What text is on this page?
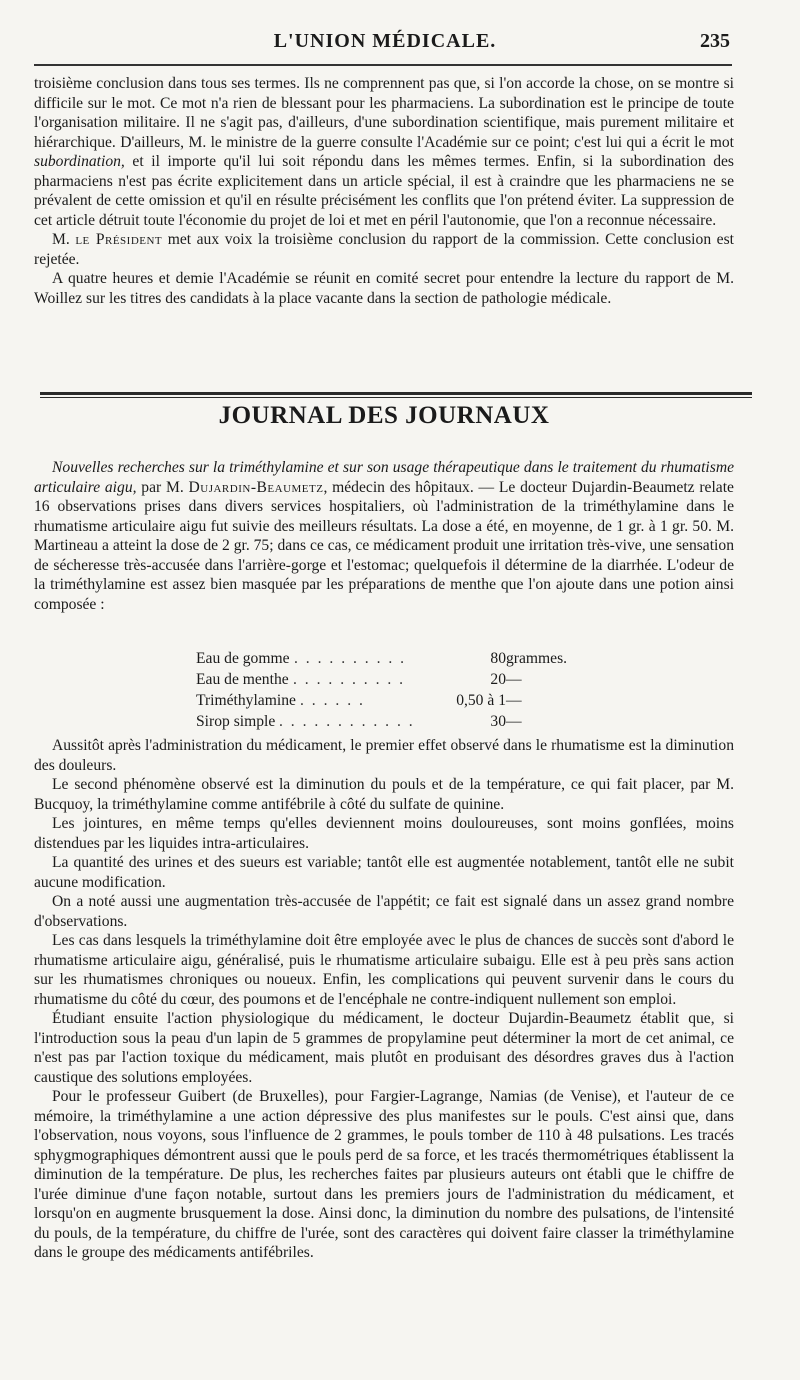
L'UNION MÉDICALE.	235

troisième conclusion dans tous ses termes. Ils ne comprennent pas que, si l'on accorde la chose, on se montre si difficile sur le mot. Ce mot n'a rien de blessant pour les pharmaciens. La subordination est le principe de toute l'organisation militaire. Il ne s'agit pas, d'ailleurs, d'une subordination scientifique, mais purement militaire et hiérarchique. D'ailleurs, M. le ministre de la guerre consulte l'Académie sur ce point; c'est lui qui a écrit le mot subordination, et il importe qu'il lui soit répondu dans les mêmes termes. Enfin, si la subordination des pharmaciens n'est pas écrite explicitement dans un article spécial, il est à craindre que les pharmaciens ne se prévalent de cette omission et qu'il en résulte précisément les conflits que l'on prétend éviter. La suppression de cet article détruit toute l'économie du projet de loi et met en péril l'autonomie, que l'on a reconnue nécessaire.

M. le Président met aux voix la troisième conclusion du rapport de la commission. Cette conclusion est rejetée.

A quatre heures et demie l'Académie se réunit en comité secret pour entendre la lecture du rapport de M. Woillez sur les titres des candidats à la place vacante dans la section de pathologie médicale.

JOURNAL DES JOURNAUX

Nouvelles recherches sur la triméthylamine et sur son usage thérapeutique dans le traitement du rhumatisme articulaire aigu, par M. Dujardin-Beaumetz, médecin des hôpitaux. — Le docteur Dujardin-Beaumetz relate 16 observations prises dans divers services hospitaliers, où l'administration de la triméthylamine dans le rhumatisme articulaire aigu fut suivie des meilleurs résultats. La dose a été, en moyenne, de 1 gr. à 1 gr. 50. M. Martineau a atteint la dose de 2 gr. 75; dans ce cas, ce médicament produit une irritation très-vive, une sensation de sécheresse très-accusée dans l'arrière-gorge et l'estomac; quelquefois il détermine de la diarrhée. L'odeur de la triméthylamine est assez bien masquée par les préparations de menthe que l'on ajoute dans une potion ainsi composée :

Eau de gomme . . . . . . . . . .	80 grammes.
Eau de menthe . . . . . . . . . .	20 —
Triméthylamine . . . . . .	0,50 à 1 —
Sirop simple . . . . . . . . . . . .	30 —

Aussitôt après l'administration du médicament, le premier effet observé dans le rhumatisme est la diminution des douleurs.

Le second phénomène observé est la diminution du pouls et de la température, ce qui fait placer, par M. Bucquoy, la triméthylamine comme antifébrile à côté du sulfate de quinine.

Les jointures, en même temps qu'elles deviennent moins douloureuses, sont moins gonflées, moins distendues par les liquides intra-articulaires.

La quantité des urines et des sueurs est variable; tantôt elle est augmentée notablement, tantôt elle ne subit aucune modification.

On a noté aussi une augmentation très-accusée de l'appétit; ce fait est signalé dans un assez grand nombre d'observations.

Les cas dans lesquels la triméthylamine doit être employée avec le plus de chances de succès sont d'abord le rhumatisme articulaire aigu, généralisé, puis le rhumatisme articulaire subaigu. Elle est à peu près sans action sur les rhumatismes chroniques ou noueux. Enfin, les complications qui peuvent survenir dans le cours du rhumatisme du côté du cœur, des poumons et de l'encéphale ne contre-indiquent nullement son emploi.

Étudiant ensuite l'action physiologique du médicament, le docteur Dujardin-Beaumetz établit que, si l'introduction sous la peau d'un lapin de 5 grammes de propylamine peut déterminer la mort de cet animal, ce n'est pas par l'action toxique du médicament, mais plutôt en produisant des désordres graves dus à l'action caustique des solutions employées.

Pour le professeur Guibert (de Bruxelles), pour Fargier-Lagrange, Namias (de Venise), et l'auteur de ce mémoire, la triméthylamine a une action dépressive des plus manifestes sur le pouls. C'est ainsi que, dans l'observation, nous voyons, sous l'influence de 2 grammes, le pouls tomber de 110 à 48 pulsations. Les tracés sphygmographiques démontrent aussi que le pouls perd de sa force, et les tracés thermométriques établissent la diminution de la température. De plus, les recherches faites par plusieurs auteurs ont établi que le chiffre de l'urée diminue d'une façon notable, surtout dans les premiers jours de l'administration du médicament, et lorsqu'on en augmente brusquement la dose. Ainsi donc, la diminution du nombre des pulsations, de l'intensité du pouls, de la température, du chiffre de l'urée, sont des caractères qui doivent faire classer la triméthylamine dans le groupe des médicaments antifébriles.
